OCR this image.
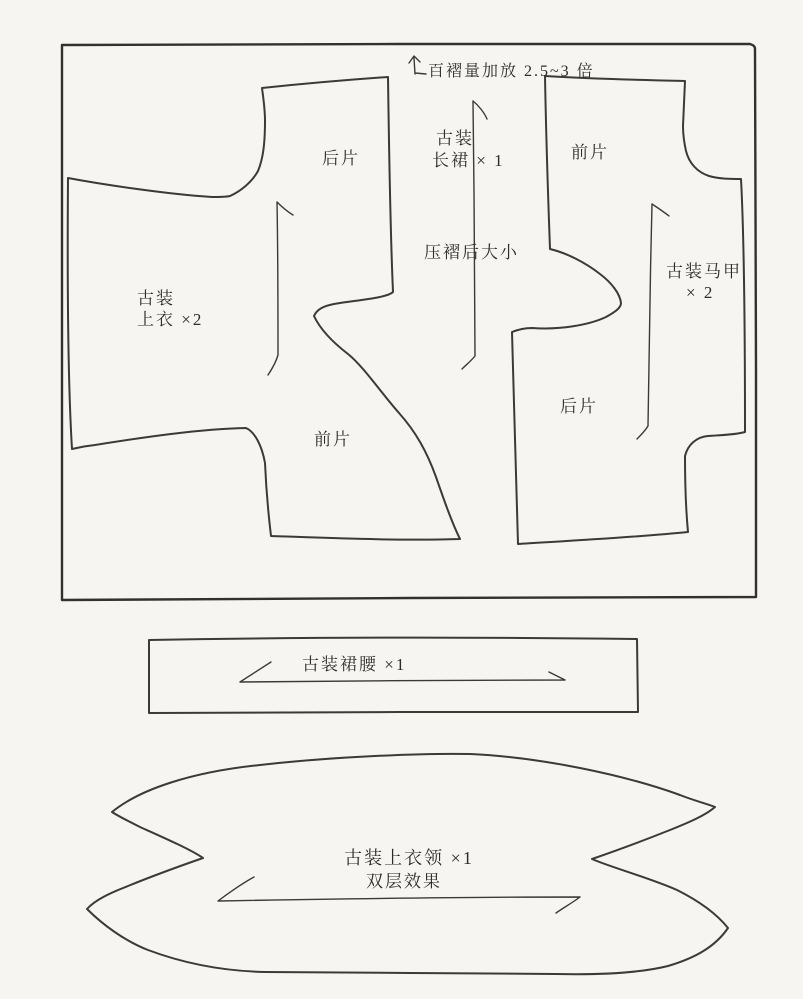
百褶量加放 2.5~3 倍
后片
古装
长裙 × 1	前片
压褶后大小
古装马甲
× 2
古装
上衣 ×2
前片
后片
古装裙腰 ×1
古装上衣领 ×1
双层效果
